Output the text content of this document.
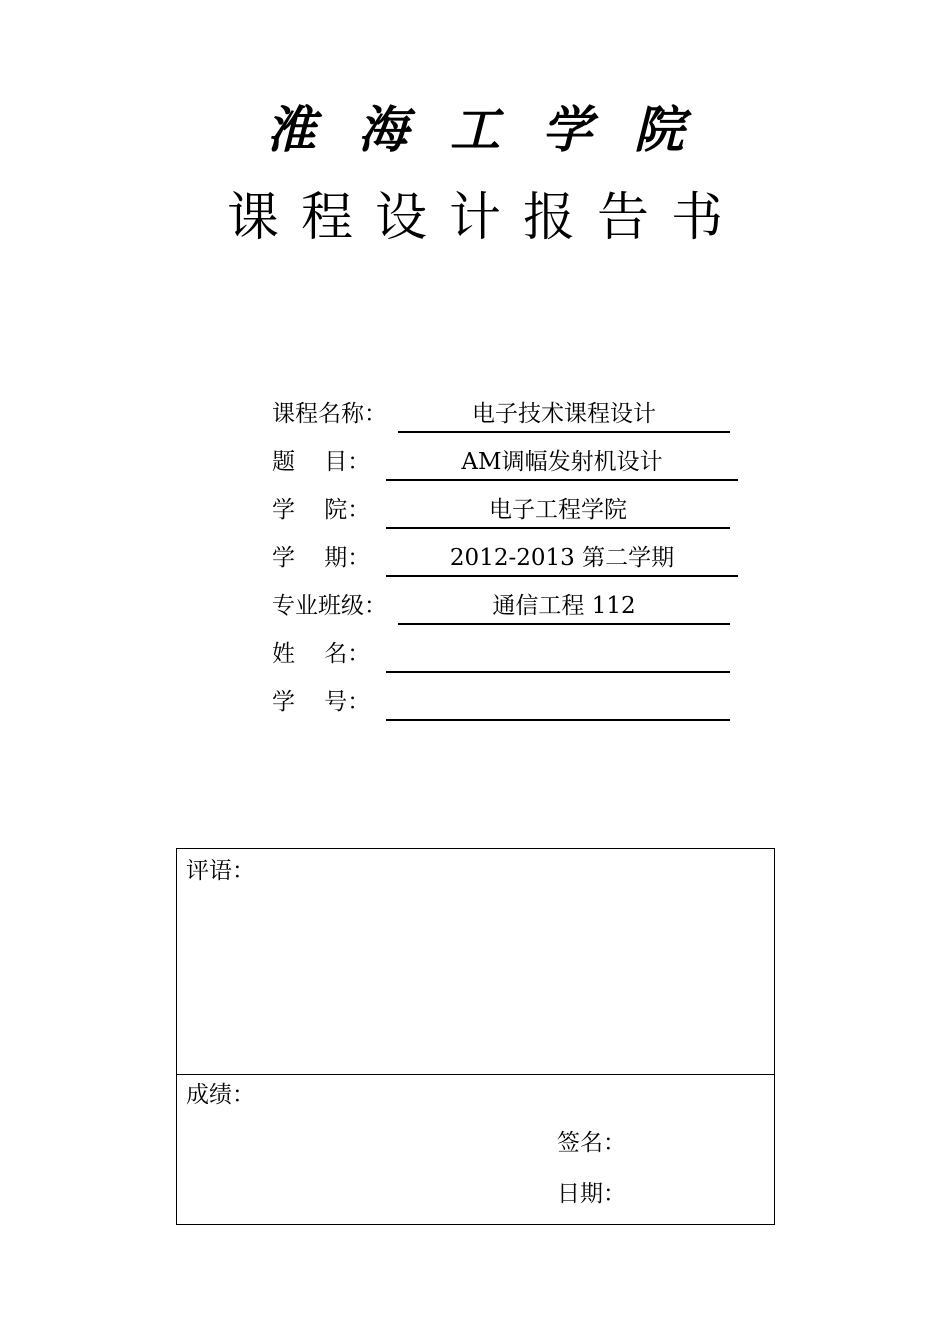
淮海工学院
课程设计报告书
课程名称：	电子技术课程设计
题    目：	AM调幅发射机设计
学    院：	电子工程学院
学    期：	2012-2013 第二学期
专业班级：	通信工程 112
姓    名：
学    号：
评语：
成绩：
签名：
日期：
